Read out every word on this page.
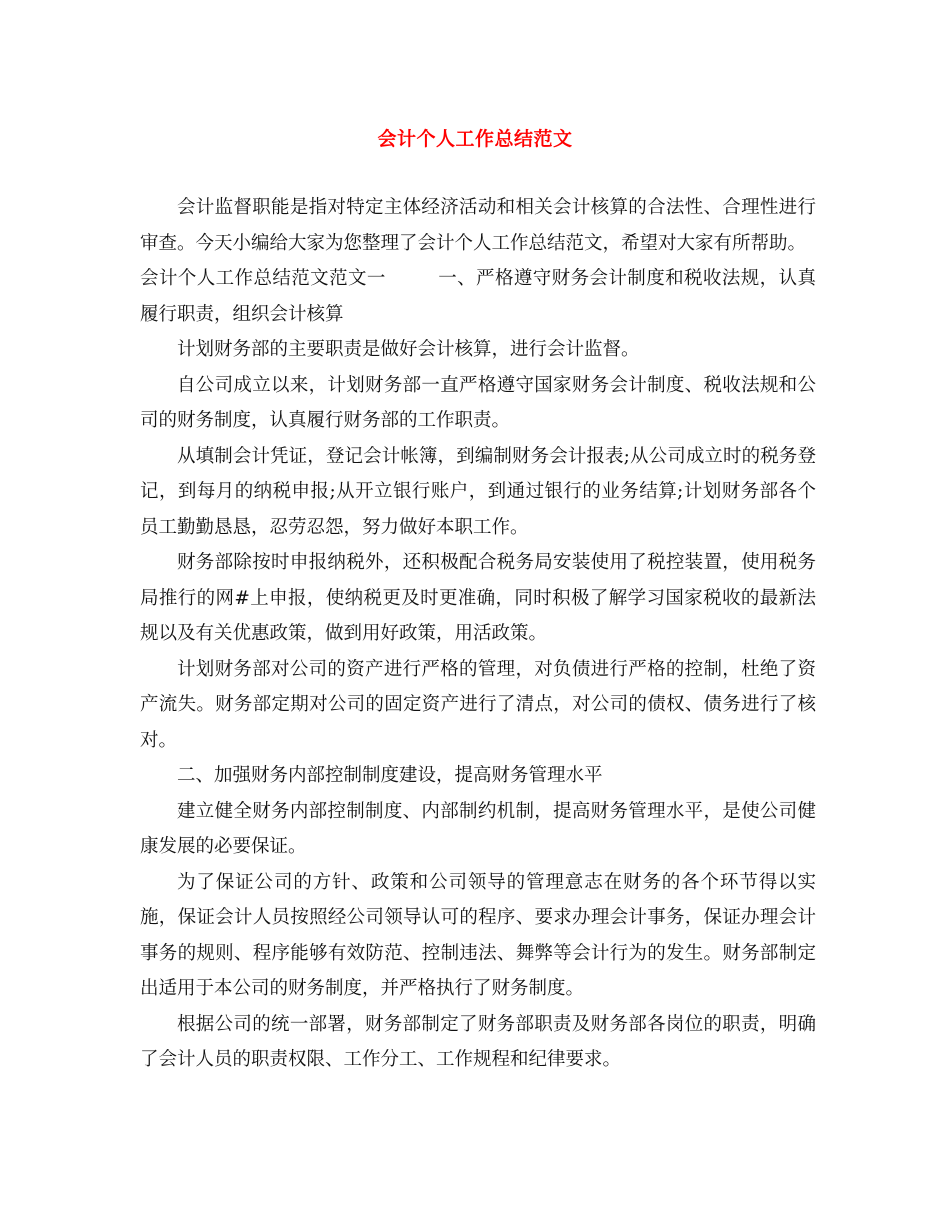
会计个人工作总结范文

会计监督职能是指对特定主体经济活动和相关会计核算的合法性、合理性进行审查。今天小编给大家为您整理了会计个人工作总结范文，希望对大家有所帮助。

会计个人工作总结范文范文一	一、严格遵守财务会计制度和税收法规，认真履行职责，组织会计核算

计划财务部的主要职责是做好会计核算，进行会计监督。

自公司成立以来，计划财务部一直严格遵守国家财务会计制度、税收法规和公司的财务制度，认真履行财务部的工作职责。

从填制会计凭证，登记会计帐簿，到编制财务会计报表;从公司成立时的税务登记，到每月的纳税申报;从开立银行账户，到通过银行的业务结算;计划财务部各个员工勤勤恳恳，忍劳忍怨，努力做好本职工作。

财务部除按时申报纳税外，还积极配合税务局安装使用了税控装置，使用税务局推行的网#上申报，使纳税更及时更准确，同时积极了解学习国家税收的最新法规以及有关优惠政策，做到用好政策，用活政策。

计划财务部对公司的资产进行严格的管理，对负债进行严格的控制，杜绝了资产流失。财务部定期对公司的固定资产进行了清点，对公司的债权、债务进行了核对。

二、加强财务内部控制制度建设，提高财务管理水平

建立健全财务内部控制制度、内部制约机制，提高财务管理水平，是使公司健康发展的必要保证。

为了保证公司的方针、政策和公司领导的管理意志在财务的各个环节得以实施，保证会计人员按照经公司领导认可的程序、要求办理会计事务，保证办理会计事务的规则、程序能够有效防范、控制违法、舞弊等会计行为的发生。财务部制定出适用于本公司的财务制度，并严格执行了财务制度。

根据公司的统一部署，财务部制定了财务部职责及财务部各岗位的职责，明确了会计人员的职责权限、工作分工、工作规程和纪律要求。
